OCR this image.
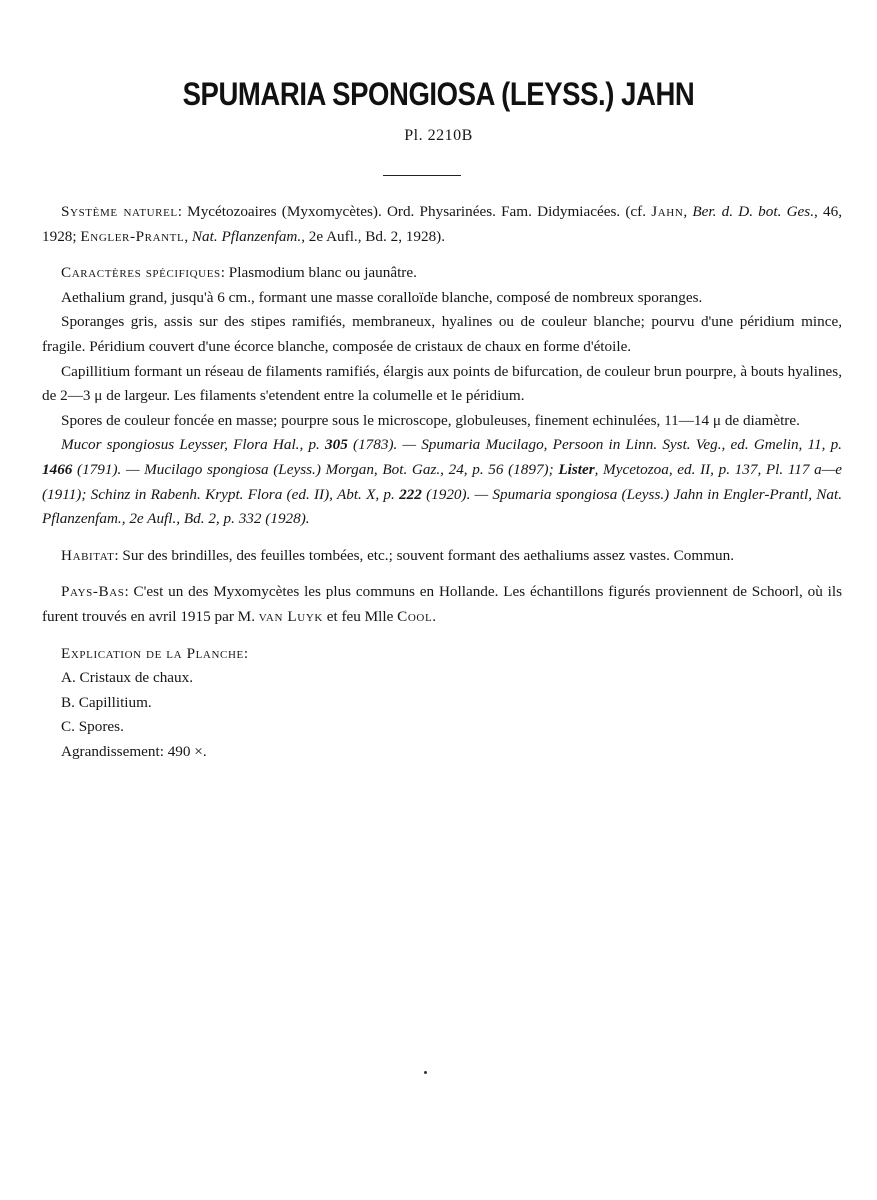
SPUMARIA SPONGIOSA (LEYSS.) JAHN
Pl. 2210B

Système naturel: Mycétozoaires (Myxomycètes). Ord. Physarinées. Fam. Didymiacées. (cf. Jahn, Ber. d. D. bot. Ges., 46, 1928; Engler-Prantl, Nat. Pflanzenfam., 2e Aufl., Bd. 2, 1928).

Caractères spécifiques: Plasmodium blanc ou jaunâtre.

Aethalium grand, jusqu'à 6 cm., formant une masse coralloïde blanche, composé de nombreux sporanges.

Sporanges gris, assis sur des stipes ramifiés, membraneux, hyalines ou de couleur blanche; pourvu d'une péridium mince, fragile. Péridium couvert d'une écorce blanche, composée de cristaux de chaux en forme d'étoile.

Capillitium formant un réseau de filaments ramifiés, élargis aux points de bifurcation, de couleur brun pourpre, à bouts hyalines, de 2—3 μ de largeur. Les filaments s'etendent entre la columelle et le péridium.

Spores de couleur foncée en masse; pourpre sous le microscope, globuleuses, finement echinulées, 11—14 μ de diamètre.

Mucor spongiosus Leysser, Flora Hal., p. 305 (1783). — Spumaria Mucilago, Persoon in Linn. Syst. Veg., ed. Gmelin, 11, p. 1466 (1791). — Mucilago spongiosa (Leyss.) Morgan, Bot. Gaz., 24, p. 56 (1897); Lister, Mycetozoa, ed. II, p. 137, Pl. 117 a—e (1911); Schinz in Rabenh. Krypt. Flora (ed. II), Abt. X, p. 222 (1920). — Spumaria spongiosa (Leyss.) Jahn in Engler-Prantl, Nat. Pflanzenfam., 2e Aufl., Bd. 2, p. 332 (1928).

Habitat: Sur des brindilles, des feuilles tombées, etc.; souvent formant des aethaliums assez vastes. Commun.

Pays-Bas: C'est un des Myxomycètes les plus communs en Hollande. Les échantillons figurés proviennent de Schoorl, où ils furent trouvés en avril 1915 par M. van Luyk et feu Mlle Cool.

Explication de la Planche:

A. Cristaux de chaux.

B. Capillitium.

C. Spores.

Agrandissement: 490 ×.
